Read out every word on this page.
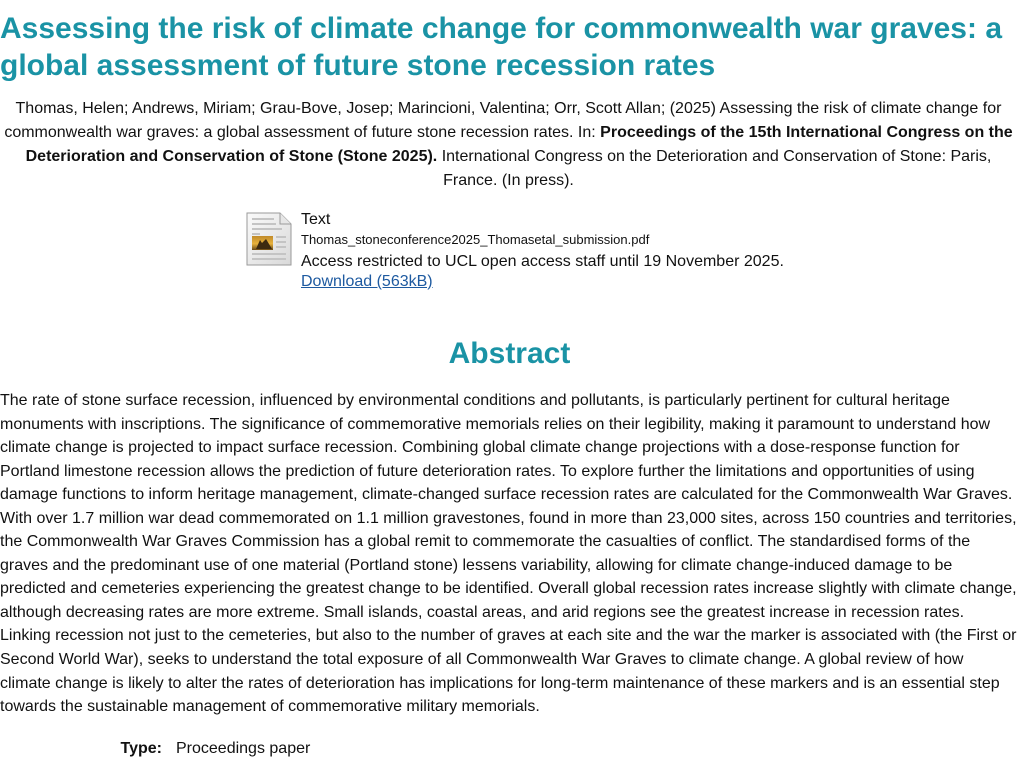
Assessing the risk of climate change for commonwealth war graves: a global assessment of future stone recession rates

Thomas, Helen; Andrews, Miriam; Grau-Bove, Josep; Marincioni, Valentina; Orr, Scott Allan; (2025) Assessing the risk of climate change for commonwealth war graves: a global assessment of future stone recession rates. In: Proceedings of the 15th International Congress on the Deterioration and Conservation of Stone (Stone 2025). International Congress on the Deterioration and Conservation of Stone: Paris, France. (In press).

Text
Thomas_stoneconference2025_Thomasetal_submission.pdf
Access restricted to UCL open access staff until 19 November 2025.
Download (563kB)
Abstract

The rate of stone surface recession, influenced by environmental conditions and pollutants, is particularly pertinent for cultural heritage monuments with inscriptions. The significance of commemorative memorials relies on their legibility, making it paramount to understand how climate change is projected to impact surface recession. Combining global climate change projections with a dose-response function for Portland limestone recession allows the prediction of future deterioration rates. To explore further the limitations and opportunities of using damage functions to inform heritage management, climate-changed surface recession rates are calculated for the Commonwealth War Graves. With over 1.7 million war dead commemorated on 1.1 million gravestones, found in more than 23,000 sites, across 150 countries and territories, the Commonwealth War Graves Commission has a global remit to commemorate the casualties of conflict. The standardised forms of the graves and the predominant use of one material (Portland stone) lessens variability, allowing for climate change-induced damage to be predicted and cemeteries experiencing the greatest change to be identified. Overall global recession rates increase slightly with climate change, although decreasing rates are more extreme. Small islands, coastal areas, and arid regions see the greatest increase in recession rates. Linking recession not just to the cemeteries, but also to the number of graves at each site and the war the marker is associated with (the First or Second World War), seeks to understand the total exposure of all Commonwealth War Graves to climate change. A global review of how climate change is likely to alter the rates of deterioration has implications for long-term maintenance of these markers and is an essential step towards the sustainable management of commemorative military memorials.

Type: Proceedings paper
